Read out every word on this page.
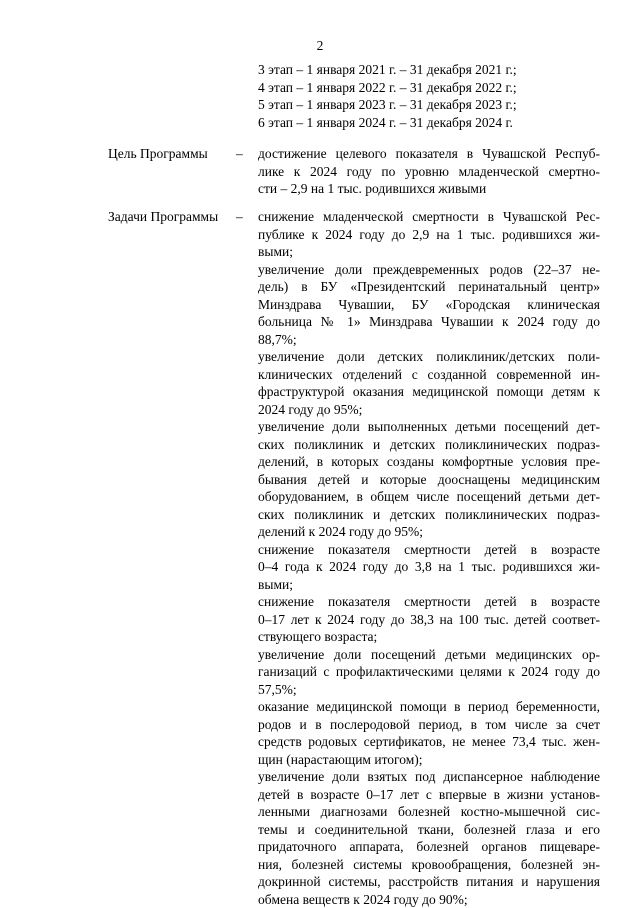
2
3 этап – 1 января 2021 г. – 31 декабря 2021 г.;
4 этап – 1 января 2022 г. – 31 декабря 2022 г.;
5 этап – 1 января 2023 г. – 31 декабря 2023 г.;
6 этап – 1 января 2024 г. – 31 декабря 2024 г.
Цель Программы – достижение целевого показателя в Чувашской Респуб-
лике к 2024 году по уровню младенческой смертно-
сти – 2,9 на 1 тыс. родившихся живыми
Задачи Программы – снижение младенческой смертности в Чувашской Рес-
публике к 2024 году до 2,9 на 1 тыс. родившихся жи-
выми;
увеличение доли преждевременных родов (22–37 не-
дель) в БУ «Президентский перинатальный центр»
Минздрава Чувашии, БУ «Городская клиническая
больница № 1» Минздрава Чувашии к 2024 году до
88,7%;
увеличение доли детских поликлиник/детских поли-
клинических отделений с созданной современной ин-
фраструктурой оказания медицинской помощи детям к
2024 году до 95%;
увеличение доли выполненных детьми посещений дет-
ских поликлиник и детских поликлинических подраз-
делений, в которых созданы комфортные условия пре-
бывания детей и которые дооснащены медицинским
оборудованием, в общем числе посещений детьми дет-
ских поликлиник и детских поликлинических подраз-
делений к 2024 году до 95%;
снижение показателя смертности детей в возрасте
0–4 года к 2024 году до 3,8 на 1 тыс. родившихся жи-
выми;
снижение показателя смертности детей в возрасте
0–17 лет к 2024 году до 38,3 на 100 тыс. детей соответ-
ствующего возраста;
увеличение доли посещений детьми медицинских ор-
ганизаций с профилактическими целями к 2024 году до
57,5%;
оказание медицинской помощи в период беременности,
родов и в послеродовой период, в том числе за счет
средств родовых сертификатов, не менее 73,4 тыс. жен-
щин (нарастающим итогом);
увеличение доли взятых под диспансерное наблюдение
детей в возрасте 0–17 лет с впервые в жизни установ-
ленными диагнозами болезней костно-мышечной сис-
темы и соединительной ткани, болезней глаза и его
придаточного аппарата, болезней органов пищеваре-
ния, болезней системы кровообращения, болезней эн-
докринной системы, расстройств питания и нарушения
обмена веществ к 2024 году до 90%;
